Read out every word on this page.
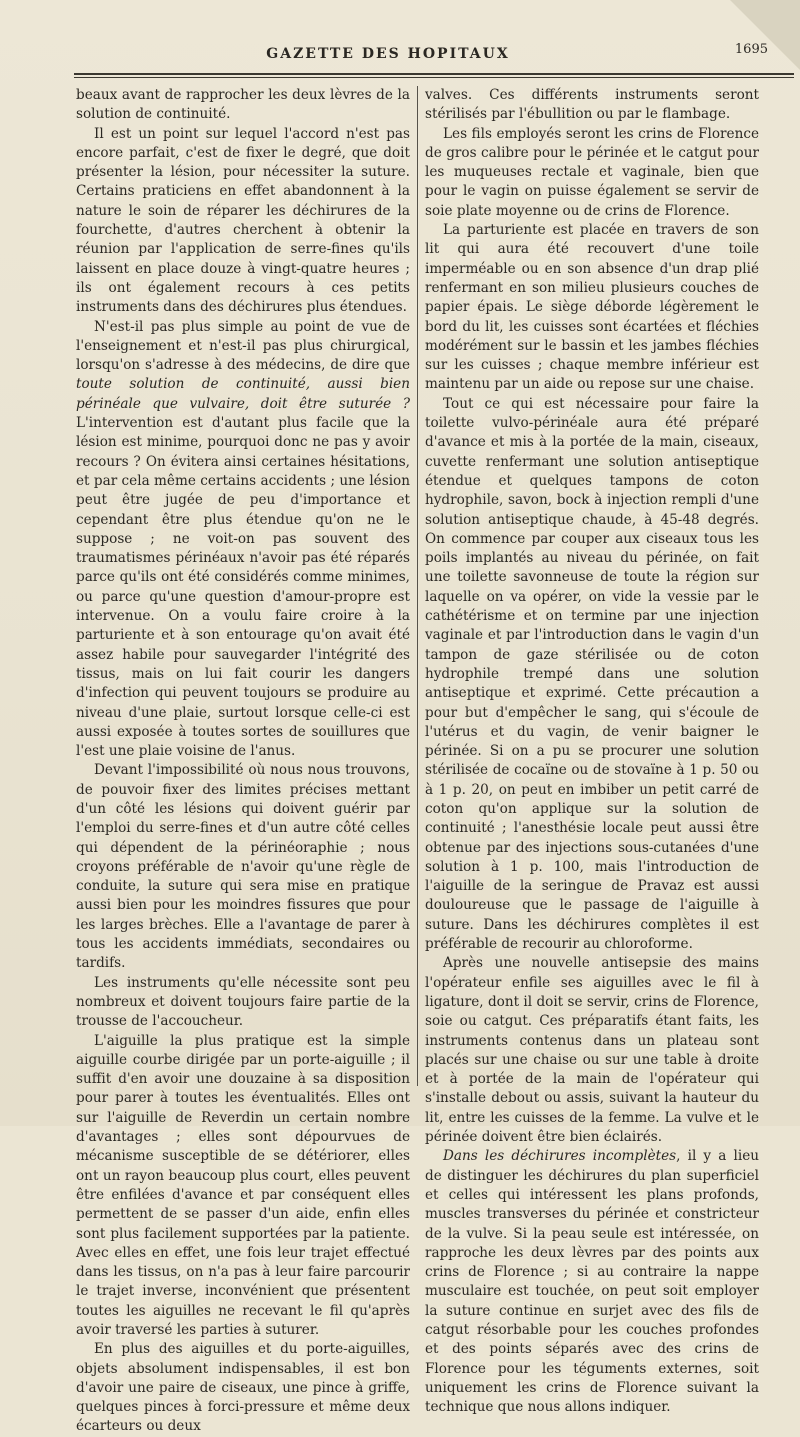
GAZETTE DES HOPITAUX	1695

beaux avant de rapprocher les deux lèvres de la solution de continuité.

Il est un point sur lequel l'accord n'est pas encore parfait, c'est de fixer le degré, que doit présenter la lésion, pour nécessiter la suture. Certains praticiens en effet abandonnent à la nature le soin de réparer les déchirures de la fourchette, d'autres cherchent à obtenir la réunion par l'application de serre-fines qu'ils laissent en place douze à vingt-quatre heures ; ils ont également recours à ces petits instruments dans des déchirures plus étendues.

N'est-il pas plus simple au point de vue de l'enseignement et n'est-il pas plus chirurgical, lorsqu'on s'adresse à des médecins, de dire que toute solution de continuité, aussi bien périnéale que vulvaire, doit être suturée ? L'intervention est d'autant plus facile que la lésion est minime, pourquoi donc ne pas y avoir recours ? On évitera ainsi certaines hésitations, et par cela même certains accidents ; une lésion peut être jugée de peu d'importance et cependant être plus étendue qu'on ne le suppose ; ne voit-on pas souvent des traumatismes périnéaux n'avoir pas été réparés parce qu'ils ont été considérés comme minimes, ou parce qu'une question d'amour-propre est intervenue. On a voulu faire croire à la parturiente et à son entourage qu'on avait été assez habile pour sauvegarder l'intégrité des tissus, mais on lui fait courir les dangers d'infection qui peuvent toujours se produire au niveau d'une plaie, surtout lorsque celle-ci est aussi exposée à toutes sortes de souillures que l'est une plaie voisine de l'anus.

Devant l'impossibilité où nous nous trouvons, de pouvoir fixer des limites précises mettant d'un côté les lésions qui doivent guérir par l'emploi du serre-fines et d'un autre côté celles qui dépendent de la périnéoraphie ; nous croyons préférable de n'avoir qu'une règle de conduite, la suture qui sera mise en pratique aussi bien pour les moindres fissures que pour les larges brèches. Elle a l'avantage de parer à tous les accidents immédiats, secondaires ou tardifs.

Les instruments qu'elle nécessite sont peu nombreux et doivent toujours faire partie de la trousse de l'accoucheur.

L'aiguille la plus pratique est la simple aiguille courbe dirigée par un porte-aiguille ; il suffit d'en avoir une douzaine à sa disposition pour parer à toutes les éventualités. Elles ont sur l'aiguille de Reverdin un certain nombre d'avantages ; elles sont dépourvues de mécanisme susceptible de se détériorer, elles ont un rayon beaucoup plus court, elles peuvent être enfilées d'avance et par conséquent elles permettent de se passer d'un aide, enfin elles sont plus facilement supportées par la patiente. Avec elles en effet, une fois leur trajet effectué dans les tissus, on n'a pas à leur faire parcourir le trajet inverse, inconvénient que présentent toutes les aiguilles ne recevant le fil qu'après avoir traversé les parties à suturer.

En plus des aiguilles et du porte-aiguilles, objets absolument indispensables, il est bon d'avoir une paire de ciseaux, une pince à griffe, quelques pinces à forci-pressure et même deux écarteurs ou deux

valves. Ces différents instruments seront stérilisés par l'ébullition ou par le flambage.

Les fils employés seront les crins de Florence de gros calibre pour le périnée et le catgut pour les muqueuses rectale et vaginale, bien que pour le vagin on puisse également se servir de soie plate moyenne ou de crins de Florence.

La parturiente est placée en travers de son lit qui aura été recouvert d'une toile imperméable ou en son absence d'un drap plié renfermant en son milieu plusieurs couches de papier épais. Le siège déborde légèrement le bord du lit, les cuisses sont écartées et fléchies modérément sur le bassin et les jambes fléchies sur les cuisses ; chaque membre inférieur est maintenu par un aide ou repose sur une chaise.

Tout ce qui est nécessaire pour faire la toilette vulvo-périnéale aura été préparé d'avance et mis à la portée de la main, ciseaux, cuvette renfermant une solution antiseptique étendue et quelques tampons de coton hydrophile, savon, bock à injection rempli d'une solution antiseptique chaude, à 45-48 degrés. On commence par couper aux ciseaux tous les poils implantés au niveau du périnée, on fait une toilette savonneuse de toute la région sur laquelle on va opérer, on vide la vessie par le cathétérisme et on termine par une injection vaginale et par l'introduction dans le vagin d'un tampon de gaze stérilisée ou de coton hydrophile trempé dans une solution antiseptique et exprimé. Cette précaution a pour but d'empêcher le sang, qui s'écoule de l'utérus et du vagin, de venir baigner le périnée. Si on a pu se procurer une solution stérilisée de cocaïne ou de stovaïne à 1 p. 50 ou à 1 p. 20, on peut en imbiber un petit carré de coton qu'on applique sur la solution de continuité ; l'anesthésie locale peut aussi être obtenue par des injections sous-cutanées d'une solution à 1 p. 100, mais l'introduction de l'aiguille de la seringue de Pravaz est aussi douloureuse que le passage de l'aiguille à suture. Dans les déchirures complètes il est préférable de recourir au chloroforme.

Après une nouvelle antisepsie des mains l'opérateur enfile ses aiguilles avec le fil à ligature, dont il doit se servir, crins de Florence, soie ou catgut. Ces préparatifs étant faits, les instruments contenus dans un plateau sont placés sur une chaise ou sur une table à droite et à portée de la main de l'opérateur qui s'installe debout ou assis, suivant la hauteur du lit, entre les cuisses de la femme. La vulve et le périnée doivent être bien éclairés.

Dans les déchirures incomplètes, il y a lieu de distinguer les déchirures du plan superficiel et celles qui intéressent les plans profonds, muscles transverses du périnée et constricteur de la vulve. Si la peau seule est intéressée, on rapproche les deux lèvres par des points aux crins de Florence ; si au contraire la nappe musculaire est touchée, on peut soit employer la suture continue en surjet avec des fils de catgut résorbable pour les couches profondes et des points séparés avec des crins de Florence pour les téguments externes, soit uniquement les crins de Florence suivant la technique que nous allons indiquer.
